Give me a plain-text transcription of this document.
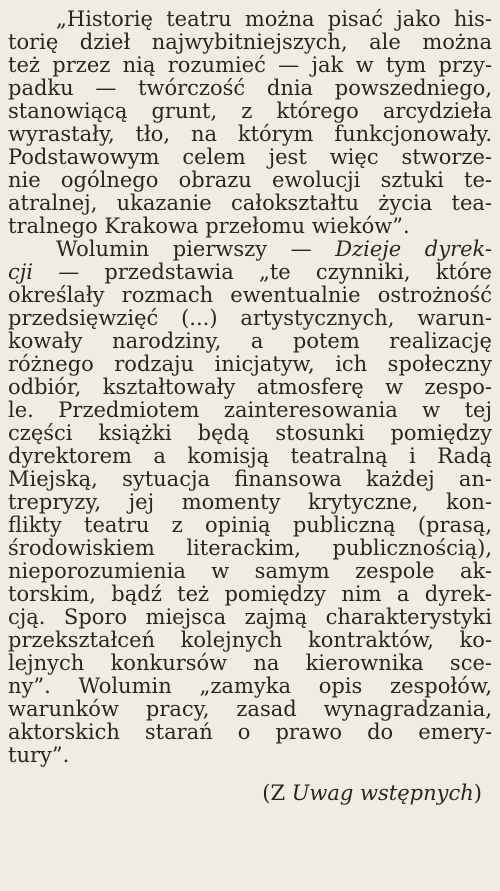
„Historię teatru można pisać jako his-
torię dzieł najwybitniejszych, ale można
też przez nią rozumieć — jak w tym przy-
padku — twórczość dnia powszedniego,
stanowiącą grunt, z którego arcydzieła
wyrastały, tło, na którym funkcjonowały.
Podstawowym celem jest więc stworze-
nie ogólnego obrazu ewolucji sztuki te-
atralnej, ukazanie całokształtu życia tea-
tralnego Krakowa przełomu wieków”.
Wolumin pierwszy — Dzieje dyrek-
cji — przedstawia „te czynniki, które
określały rozmach ewentualnie ostrożność
przedsięwzięć (...) artystycznych, warun-
kowały narodziny, a potem realizację
różnego rodzaju inicjatyw, ich społeczny
odbiór, kształtowały atmosferę w zespo-
le. Przedmiotem zainteresowania w tej
części książki będą stosunki pomiędzy
dyrektorem a komisją teatralną i Radą
Miejską, sytuacja finansowa każdej an-
trepryzy, jej momenty krytyczne, kon-
flikty teatru z opinią publiczną (prasą,
środowiskiem literackim, publicznością),
nieporozumienia w samym zespole ak-
torskim, bądź też pomiędzy nim a dyrek-
cją. Sporo miejsca zajmą charakterystyki
przekształceń kolejnych kontraktów, ko-
lejnych konkursów na kierownika sce-
ny”. Wolumin „zamyka opis zespołów,
warunków pracy, zasad wynagradzania,
aktorskich starań o prawo do emery-
tury”.
(Z Uwag wstępnych)
